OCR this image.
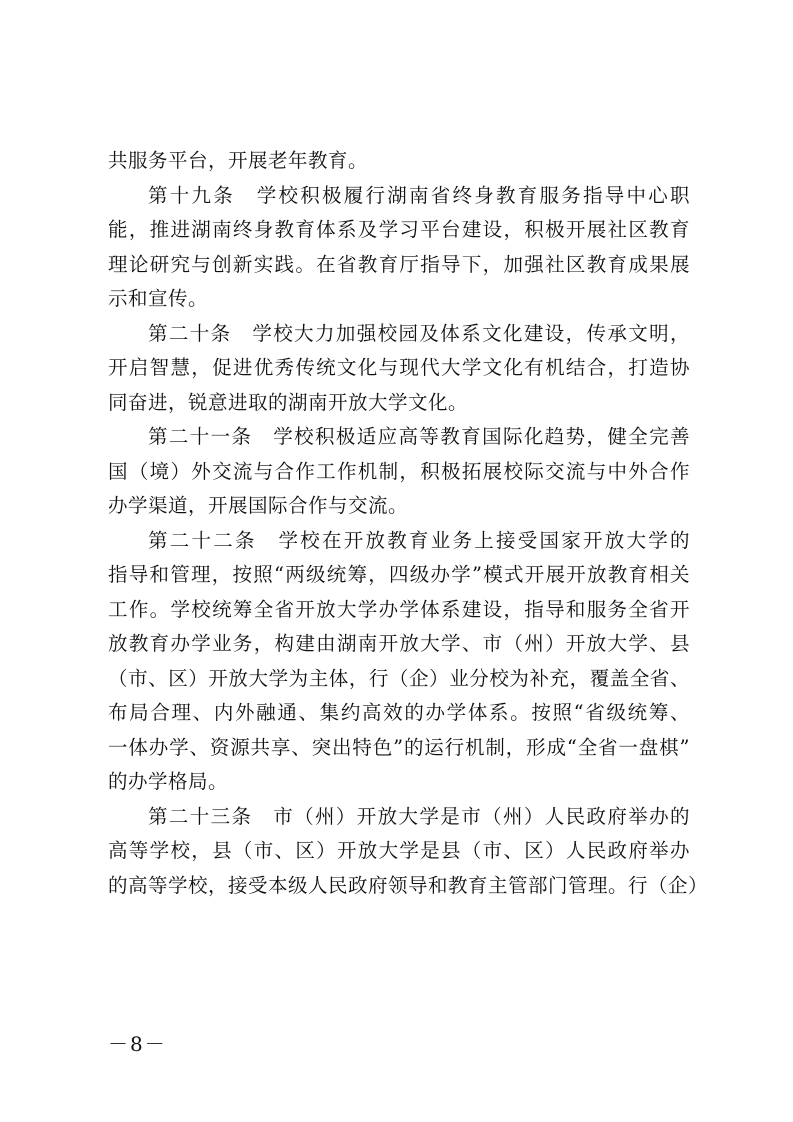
共服务平台，开展老年教育。
第十九条　学校积极履行湖南省终身教育服务指导中心职
能，推进湖南终身教育体系及学习平台建设，积极开展社区教育
理论研究与创新实践。在省教育厅指导下，加强社区教育成果展
示和宣传。
第二十条　学校大力加强校园及体系文化建设，传承文明，
开启智慧，促进优秀传统文化与现代大学文化有机结合，打造协
同奋进，锐意进取的湖南开放大学文化。
第二十一条　学校积极适应高等教育国际化趋势，健全完善
国（境）外交流与合作工作机制，积极拓展校际交流与中外合作
办学渠道，开展国际合作与交流。
第二十二条　学校在开放教育业务上接受国家开放大学的
指导和管理，按照“两级统筹，四级办学”模式开展开放教育相关
工作。学校统筹全省开放大学办学体系建设，指导和服务全省开
放教育办学业务，构建由湖南开放大学、市（州）开放大学、县
（市、区）开放大学为主体，行（企）业分校为补充，覆盖全省、
布局合理、内外融通、集约高效的办学体系。按照“省级统筹、
一体办学、资源共享、突出特色”的运行机制，形成“全省一盘棋”
的办学格局。
第二十三条　市（州）开放大学是市（州）人民政府举办的
高等学校，县（市、区）开放大学是县（市、区）人民政府举办
的高等学校，接受本级人民政府领导和教育主管部门管理。行（企）
－8－
